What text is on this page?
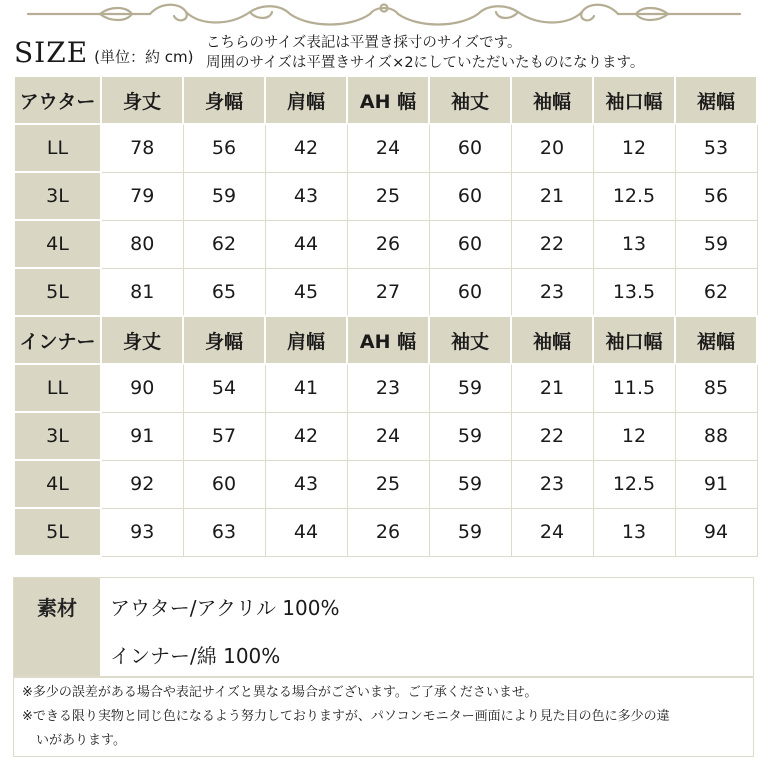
SIZE (単位：約 cm)
こちらのサイズ表記は平置き採寸のサイズです。
周囲のサイズは平置きサイズ×2にしていただいたものになります。
アウター	身丈	身幅	肩幅	AH 幅	袖丈	袖幅	袖口幅	裾幅
LL	78	56	42	24	60	20	12	53
3L	79	59	43	25	60	21	12.5	56
4L	80	62	44	26	60	22	13	59
5L	81	65	45	27	60	23	13.5	62
インナー	身丈	身幅	肩幅	AH 幅	袖丈	袖幅	袖口幅	裾幅
LL	90	54	41	23	59	21	11.5	85
3L	91	57	42	24	59	22	12	88
4L	92	60	43	25	59	23	12.5	91
5L	93	63	44	26	59	24	13	94
素材	アウター/アクリル 100%
インナー/綿 100%

※多少の誤差がある場合や表記サイズと異なる場合がございます。ご了承くださいませ。

※できる限り実物と同じ色になるよう努力しておりますが、パソコンモニター画面により見た目の色に多少の違

いがあります。
